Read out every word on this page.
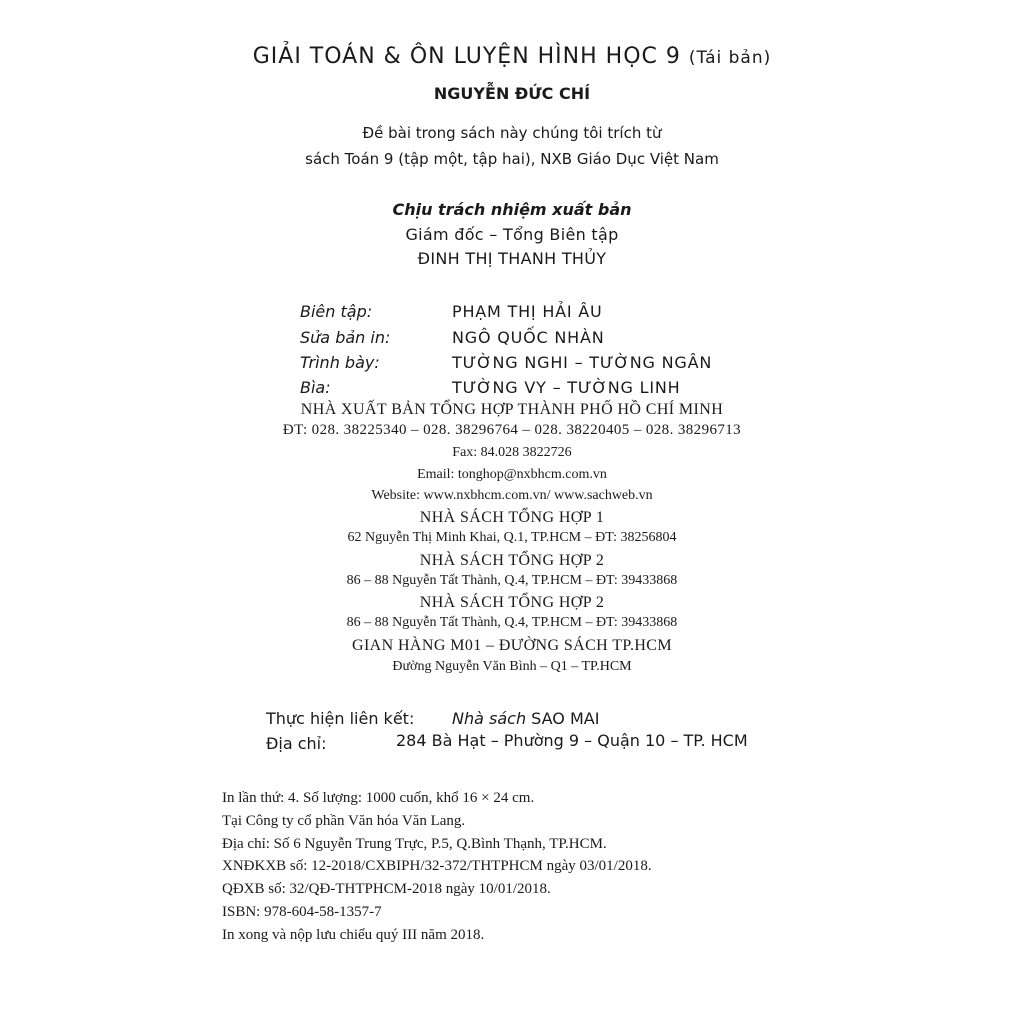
GIẢI TOÁN & ÔN LUYỆN HÌNH HỌC 9 (Tái bản)
NGUYỄN ĐỨC CHÍ
Đề bài trong sách này chúng tôi trích từ
sách Toán 9 (tập một, tập hai), NXB Giáo Dục Việt Nam
Chịu trách nhiệm xuất bản
Giám đốc – Tổng Biên tập
ĐINH THỊ THANH THỦY
Biên tập:	PHẠM THỊ HẢI ÂU
Sửa bản in:	NGÔ QUỐC NHÀN
Trình bày:	TƯỜNG NGHI – TƯỜNG NGÂN
Bìa:	TƯỜNG VY – TƯỜNG LINH
NHÀ XUẤT BẢN TỔNG HỢP THÀNH PHỐ HỒ CHÍ MINH
ĐT: 028. 38225340 – 028. 38296764 – 028. 38220405 – 028. 38296713
Fax: 84.028 3822726
Email: tonghop@nxbhcm.com.vn
Website: www.nxbhcm.com.vn/ www.sachweb.vn
NHÀ SÁCH TỔNG HỢP 1
62 Nguyễn Thị Minh Khai, Q.1, TP.HCM – ĐT: 38256804
NHÀ SÁCH TỔNG HỢP 2
86 – 88 Nguyễn Tất Thành, Q.4, TP.HCM – ĐT: 39433868
NHÀ SÁCH TỔNG HỢP 2
86 – 88 Nguyễn Tất Thành, Q.4, TP.HCM – ĐT: 39433868
GIAN HÀNG M01 – ĐƯỜNG SÁCH TP.HCM
Đường Nguyễn Văn Bình – Q1 – TP.HCM
Thực hiện liên kết: Nhà sách SAO MAI
Địa chỉ:	284 Bà Hạt – Phường 9 – Quận 10 – TP. HCM
In lần thứ: 4. Số lượng: 1000 cuốn, khổ 16 × 24 cm.
Tại Công ty cổ phần Văn hóa Văn Lang.
Địa chỉ: Số 6 Nguyễn Trung Trực, P.5, Q.Bình Thạnh, TP.HCM.
XNĐKXB số: 12-2018/CXBIPH/32-372/THTPHCM ngày 03/01/2018.
QĐXB số: 32/QĐ-THTPHCM-2018 ngày 10/01/2018.
ISBN: 978-604-58-1357-7
In xong và nộp lưu chiểu quý III năm 2018.
